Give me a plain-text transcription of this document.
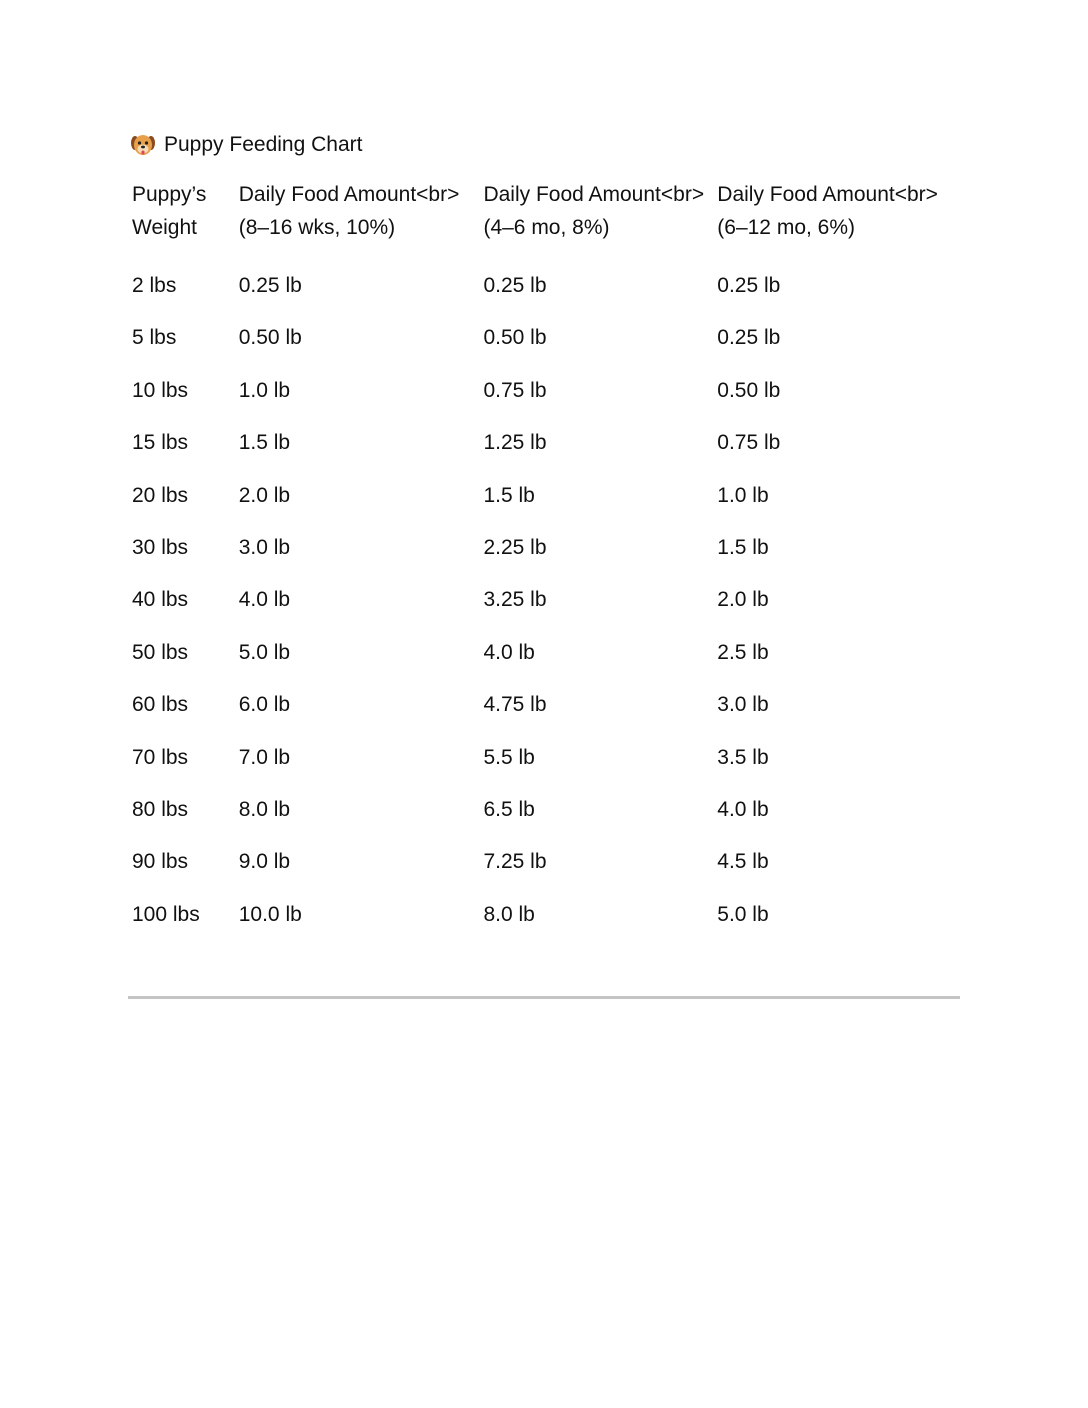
Puppy Feeding Chart
Puppy’s Weight	Daily Food Amount<br>(8–16 wks, 10%)	Daily Food Amount<br>(4–6 mo, 8%)	Daily Food Amount<br>(6–12 mo, 6%)
2 lbs	0.25 lb	0.25 lb	0.25 lb
5 lbs	0.50 lb	0.50 lb	0.25 lb
10 lbs	1.0 lb	0.75 lb	0.50 lb
15 lbs	1.5 lb	1.25 lb	0.75 lb
20 lbs	2.0 lb	1.5 lb	1.0 lb
30 lbs	3.0 lb	2.25 lb	1.5 lb
40 lbs	4.0 lb	3.25 lb	2.0 lb
50 lbs	5.0 lb	4.0 lb	2.5 lb
60 lbs	6.0 lb	4.75 lb	3.0 lb
70 lbs	7.0 lb	5.5 lb	3.5 lb
80 lbs	8.0 lb	6.5 lb	4.0 lb
90 lbs	9.0 lb	7.25 lb	4.5 lb
100 lbs	10.0 lb	8.0 lb	5.0 lb
